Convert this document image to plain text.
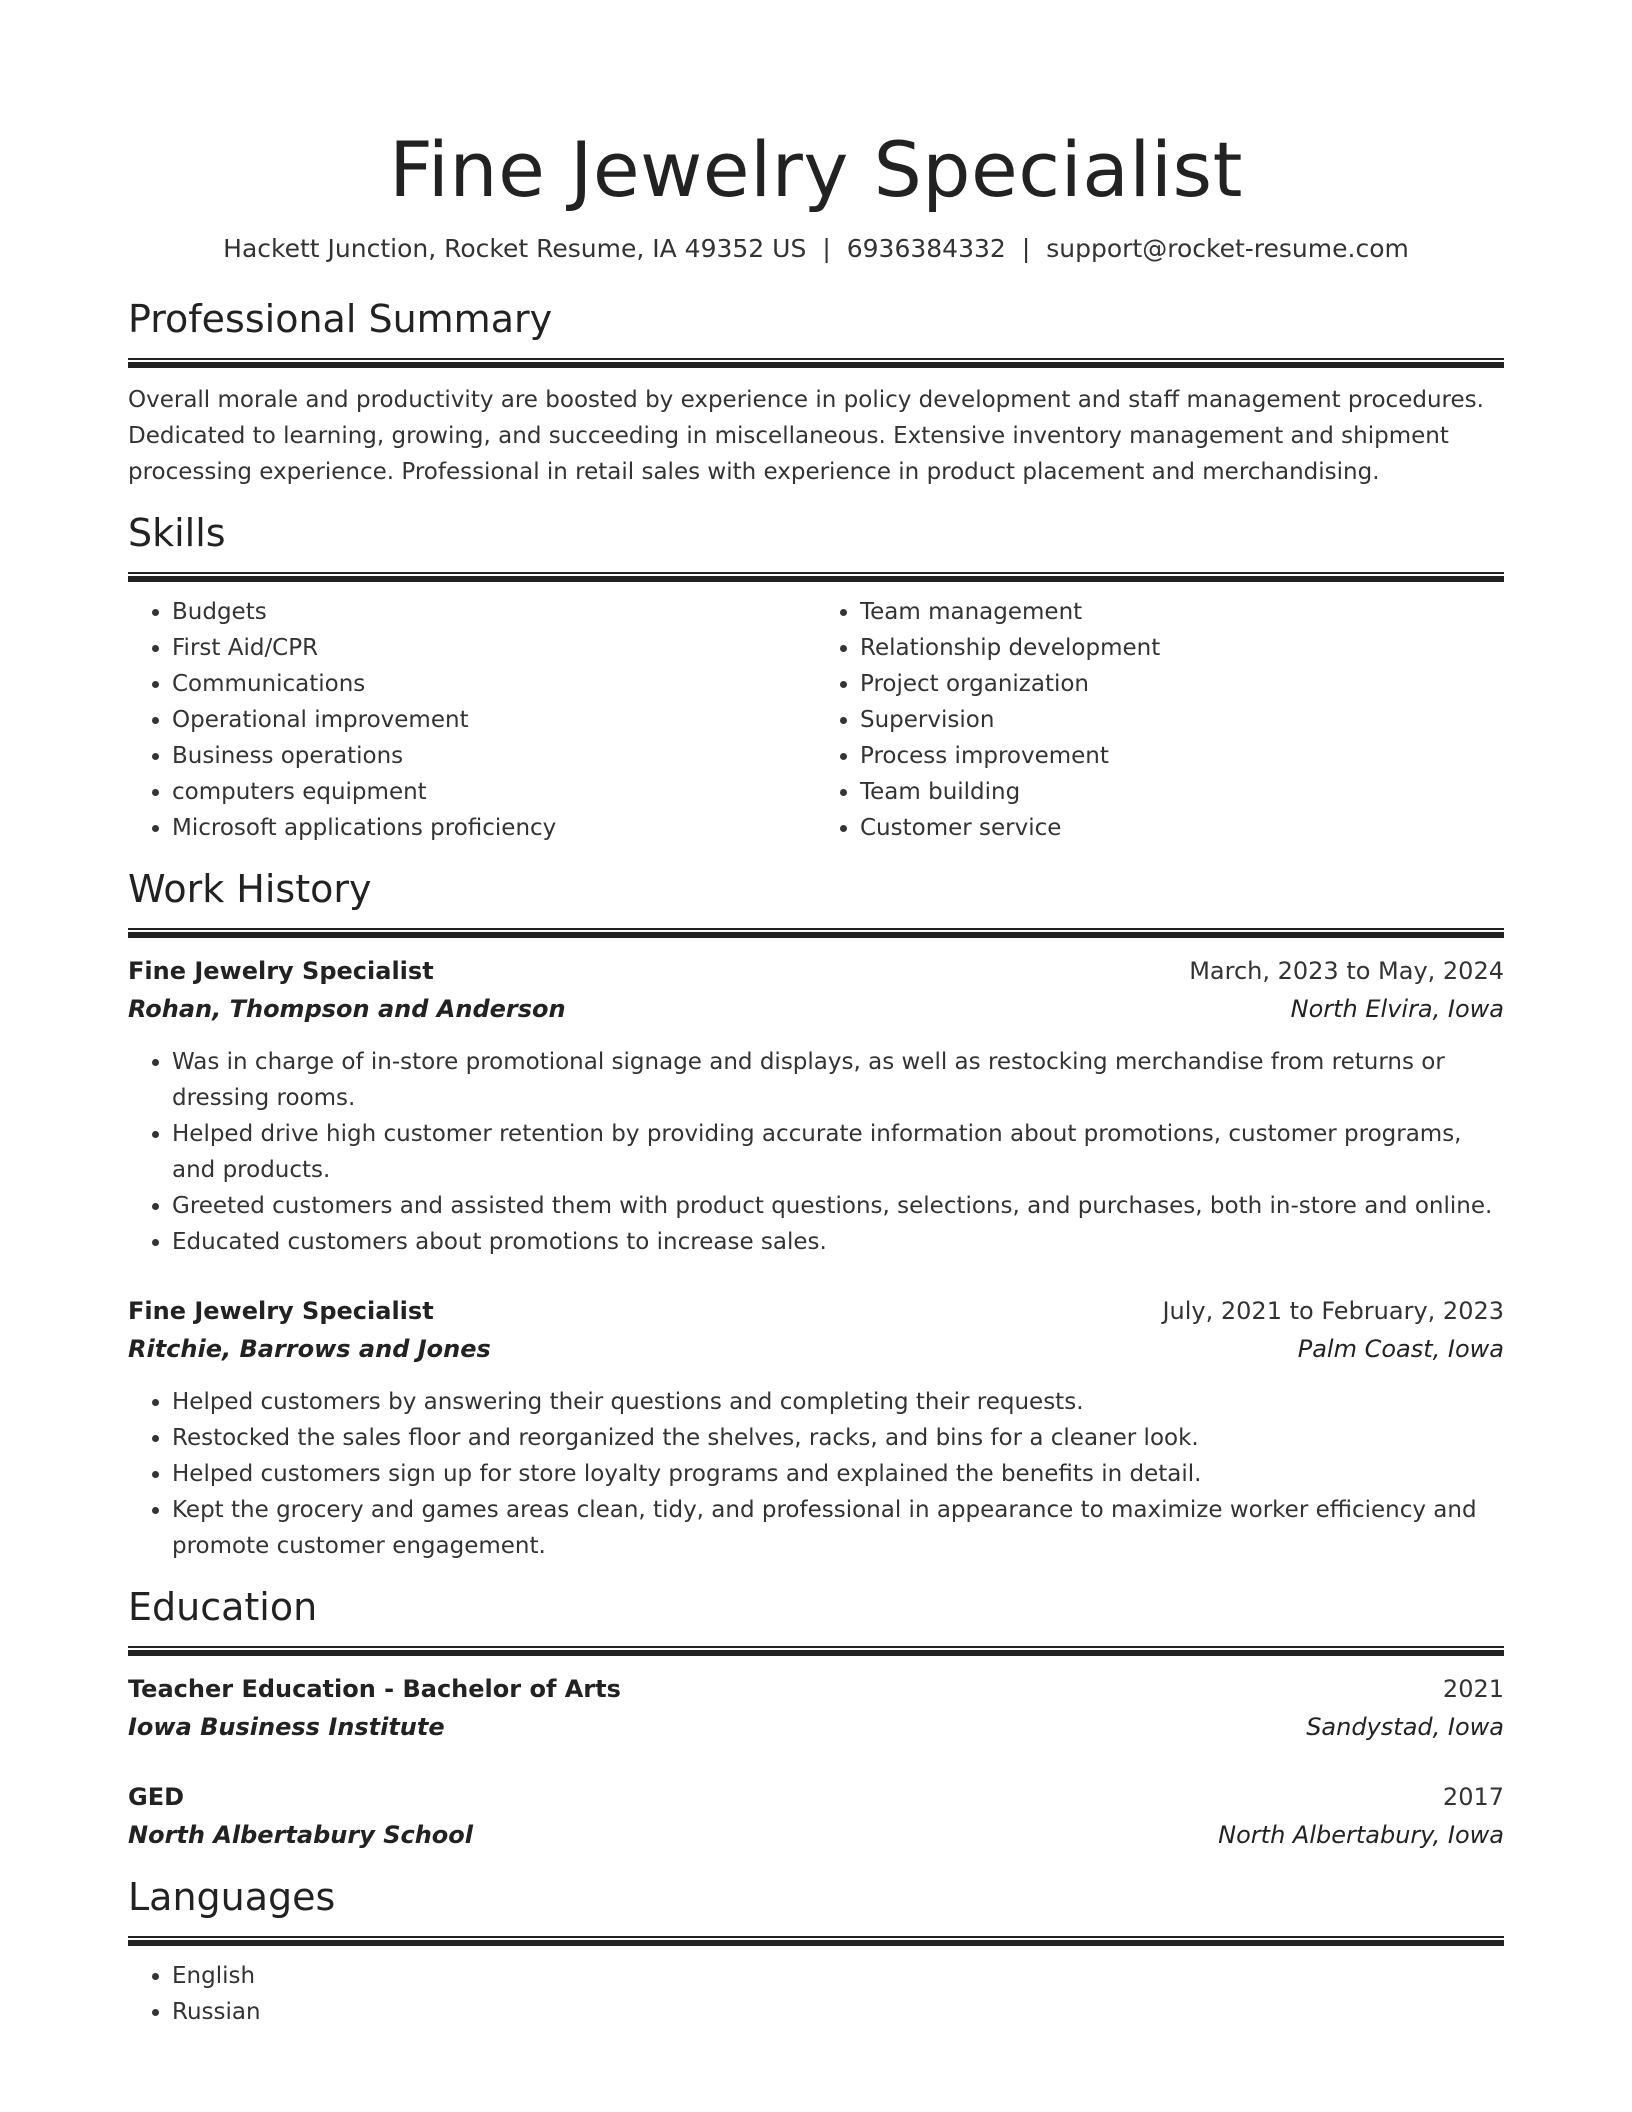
Fine Jewelry Specialist
Hackett Junction, Rocket Resume, IA 49352 US | 6936384332 | support@rocket-resume.com
Professional Summary
Overall morale and productivity are boosted by experience in policy development and staff management procedures. Dedicated to learning, growing, and succeeding in miscellaneous. Extensive inventory management and shipment processing experience. Professional in retail sales with experience in product placement and merchandising.
Skills
• Budgets
• First Aid/CPR
• Communications
• Operational improvement
• Business operations
• computers equipment
• Microsoft applications proficiency
• Team management
• Relationship development
• Project organization
• Supervision
• Process improvement
• Team building
• Customer service
Work History
Fine Jewelry Specialist	March, 2023 to May, 2024
Rohan, Thompson and Anderson	North Elvira, Iowa
• Was in charge of in-store promotional signage and displays, as well as restocking merchandise from returns or dressing rooms.
• Helped drive high customer retention by providing accurate information about promotions, customer programs, and products.
• Greeted customers and assisted them with product questions, selections, and purchases, both in-store and online.
• Educated customers about promotions to increase sales.
Fine Jewelry Specialist	July, 2021 to February, 2023
Ritchie, Barrows and Jones	Palm Coast, Iowa
• Helped customers by answering their questions and completing their requests.
• Restocked the sales floor and reorganized the shelves, racks, and bins for a cleaner look.
• Helped customers sign up for store loyalty programs and explained the benefits in detail.
• Kept the grocery and games areas clean, tidy, and professional in appearance to maximize worker efficiency and promote customer engagement.
Education
Teacher Education - Bachelor of Arts	2021
Iowa Business Institute	Sandystad, Iowa
GED	2017
North Albertabury School	North Albertabury, Iowa
Languages
• English
• Russian
